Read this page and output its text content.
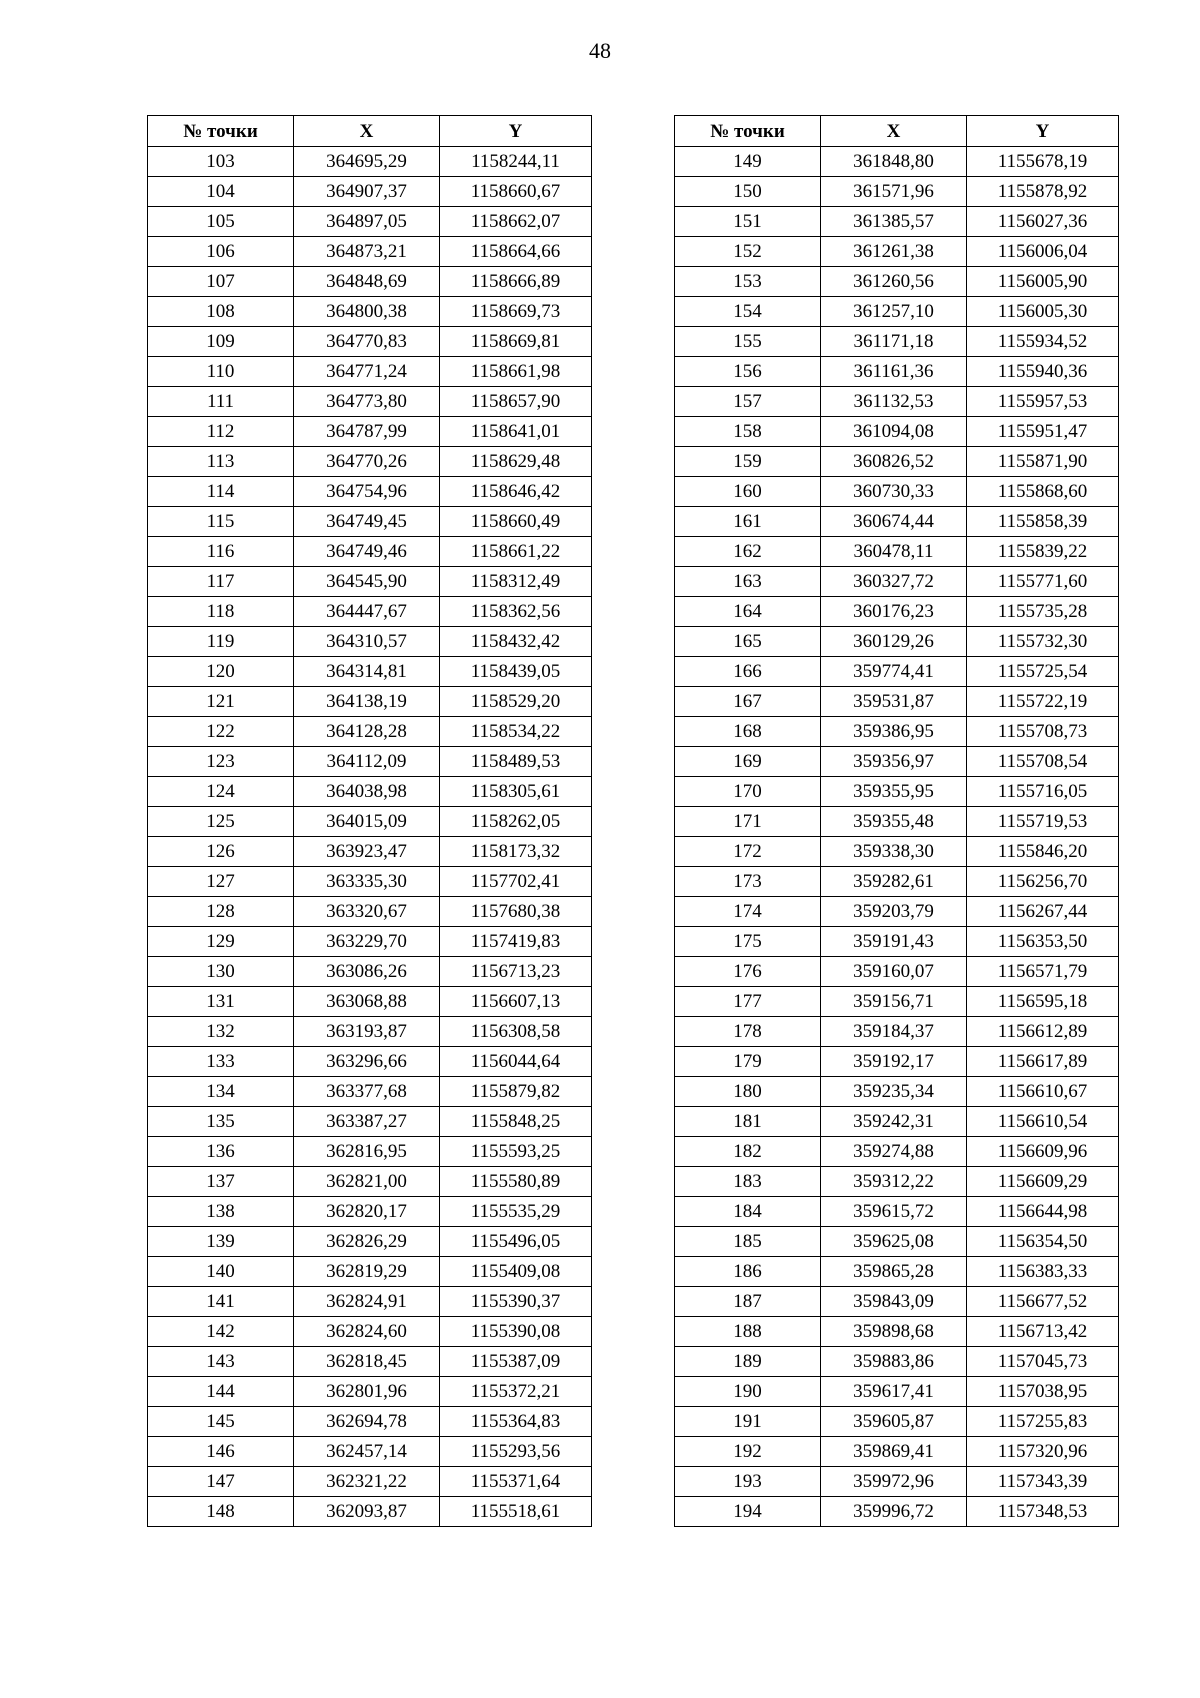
48
№ точки	X	Y
103	364695,29	1158244,11
104	364907,37	1158660,67
105	364897,05	1158662,07
106	364873,21	1158664,66
107	364848,69	1158666,89
108	364800,38	1158669,73
109	364770,83	1158669,81
110	364771,24	1158661,98
111	364773,80	1158657,90
112	364787,99	1158641,01
113	364770,26	1158629,48
114	364754,96	1158646,42
115	364749,45	1158660,49
116	364749,46	1158661,22
117	364545,90	1158312,49
118	364447,67	1158362,56
119	364310,57	1158432,42
120	364314,81	1158439,05
121	364138,19	1158529,20
122	364128,28	1158534,22
123	364112,09	1158489,53
124	364038,98	1158305,61
125	364015,09	1158262,05
126	363923,47	1158173,32
127	363335,30	1157702,41
128	363320,67	1157680,38
129	363229,70	1157419,83
130	363086,26	1156713,23
131	363068,88	1156607,13
132	363193,87	1156308,58
133	363296,66	1156044,64
134	363377,68	1155879,82
135	363387,27	1155848,25
136	362816,95	1155593,25
137	362821,00	1155580,89
138	362820,17	1155535,29
139	362826,29	1155496,05
140	362819,29	1155409,08
141	362824,91	1155390,37
142	362824,60	1155390,08
143	362818,45	1155387,09
144	362801,96	1155372,21
145	362694,78	1155364,83
146	362457,14	1155293,56
147	362321,22	1155371,64
148	362093,87	1155518,61
№ точки	X	Y
149	361848,80	1155678,19
150	361571,96	1155878,92
151	361385,57	1156027,36
152	361261,38	1156006,04
153	361260,56	1156005,90
154	361257,10	1156005,30
155	361171,18	1155934,52
156	361161,36	1155940,36
157	361132,53	1155957,53
158	361094,08	1155951,47
159	360826,52	1155871,90
160	360730,33	1155868,60
161	360674,44	1155858,39
162	360478,11	1155839,22
163	360327,72	1155771,60
164	360176,23	1155735,28
165	360129,26	1155732,30
166	359774,41	1155725,54
167	359531,87	1155722,19
168	359386,95	1155708,73
169	359356,97	1155708,54
170	359355,95	1155716,05
171	359355,48	1155719,53
172	359338,30	1155846,20
173	359282,61	1156256,70
174	359203,79	1156267,44
175	359191,43	1156353,50
176	359160,07	1156571,79
177	359156,71	1156595,18
178	359184,37	1156612,89
179	359192,17	1156617,89
180	359235,34	1156610,67
181	359242,31	1156610,54
182	359274,88	1156609,96
183	359312,22	1156609,29
184	359615,72	1156644,98
185	359625,08	1156354,50
186	359865,28	1156383,33
187	359843,09	1156677,52
188	359898,68	1156713,42
189	359883,86	1157045,73
190	359617,41	1157038,95
191	359605,87	1157255,83
192	359869,41	1157320,96
193	359972,96	1157343,39
194	359996,72	1157348,53
